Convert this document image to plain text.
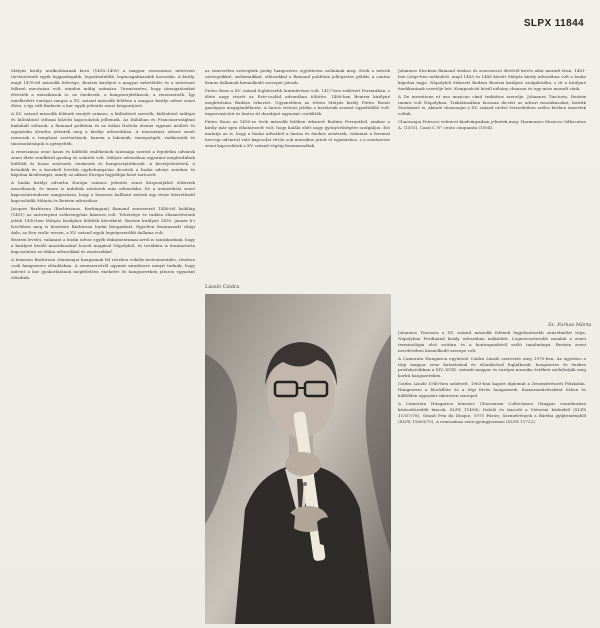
SLPX 11844

Mátyás király uralkodásának kora (1458–1490) a magyar reneszánsz művészet történetének egyik leggazdagabb, legsokszínűbb, legmozgalmasabb korszaka. A király, majd 1476-tól második felesége, Beatrix királyné a magyar művelődés és a művészet bőkezű mecénása volt, minden műfaj számára. Természetes, hogy támogatásukat élvezték a muzsikusok is: az énekesek, a hangszerjátékosok, a zeneszerzők. Így emelkedett európai rangra a XV. század második felében a magyar királyi udvar zenei élete, s így vált Budavár a kor egyik jelentős zenei központjává.

A XV. század második felének zenéjét számos, a különböző szerzők, különböző műfajai és különböző stílusai közötti kapcsolatok jellemzik. Az Itáliában és Franciaországban kialakult stílusok, a flamand polifónia és az itáliai frottola elemei egymás mellett és egymásba olvadva jelentek meg a királyi udvarokban. A reneszánsz udvari zenét nemcsak a templomi szertartások, hanem a lakomák, ünnepségek, vadászatok és táncmulatságok is igényelték.

A reneszánsz zene hazai és külföldi emlékeinek tanúsága szerint a fejedelmi udvarok zenei élete rendkívül gazdag és sokrétű volt. Mátyás udvarában egyaránt megfordultak külföldi és hazai zenészek, énekesek és hangszerjátékosok. A követjelentések, a krónikák és a korabeli levelek egybehangzóan dicsérik a budai udvari zenekar és kápolna kiválóságát, amely az akkori Európa legjobbjai közé tartozott.

A budai királyi udvarba Európa számos jelentős zenei központjából érkeztek muzsikusok, és innen is indultak zenészek más udvarokba. Ez a nemzetközi zenei kapcsolatrendszer magyarázza, hogy a lemezen hallható művek egy része közvetlenül kapcsolódik Mátyás és Beatrix udvarához.

Jacques Barbireau (Barbirianus, Barbingant) flamand zeneszerző 1448-tól haláláig (1491) az antwerpeni székesegyház kántora volt. Tehetsége és tudása elismerésének jeléül 1490-ben Mátyás királyhoz küldték követként. Beatrix királyné 1490. január 6-i levelében meg is köszönte Barbireau budai látogatását. Egyetlen fennmaradt világi dala, az Een vrolic wesen, a XV. század egyik legnépszerűbb dallama volt.

Beatrix levelei, valamint a budai udvar egyéb dokumentumai arról is tanúskodnak, hogy a királyné kiváló muzsikusokat hozott magával Nápolyból, és továbbra is fenntartotta kapcsolatait az itáliai udvarokkal és zenészekkel.

A lemezen Barbireau chansonjai hangzanak fel részben vokális-instrumentális, részben csak hangszeres előadásban. A zeneszerzőről ugyanis mindössze annyit tudunk, hogy műveit a kor gyakorlatának megfelelően énekelve és hangszereken játszva egyaránt előadták.

az ismeretlen szövegűek pedig hangszeres együttesen szólalnak meg. Ezek a művek szövegeikkel, szólamaikkal, stílusukkal a flamand polifónia jellegzetes példái, a cantus firmus dallamuk kiemelkedő szerepet játszik.

Pietro Bono a XV. század leghíresebb lantművésze volt. 1417-ben született Ferrarában, s élete nagy részét az Este-család udvarában töltötte. 1488-ban Beatrix királyné meghívására Budára érkezett. Ugyanebben az évben Mátyás király Pietro Bonót gazdagon megajándékozta. A lantos virtuóz játéka a kortársak szerint egyedülálló volt: improvizációit és lantra írt darabjait egyaránt csodálták.

Pietro Bono az 1490-es évek második felében érkezett Budára Ferrarából, amikor a király már igen elhatározott volt, hogy halála előtt nagy gyönyörűségére szolgáljon. Ezt mutatja az is, hogy a budai udvarból a lantos és énekes zenészek, valamint a ferrarai hercegi udvarral való kapcsolat révén sok muzsikus jutott el egymáshoz, s a rendszeres zenei kapcsolatok a XV. század végéig fennmaradtak.

László Czidra

Johannes Stockem flamand énekes és zeneszerző életéről kevés adat maradt fenn. 1481-ben Liège-ben működött, majd 1485 és 1486 között Mátyás király udvarában volt a budai kápolna tagja. Nápolyból érkezett Budára Beatrix királyné szolgálatába, s itt a királyné énekkarának vezetője lett. Kompozíciói közül néhány chanson és egy mise maradt ránk.

A De inventione et usu musicae című traktátus szerzője, Johannes Tinctoris, Beatrix tanára volt Nápolyban. Traktátusában hosszan dicséri az udvari muzsikusokat, köztük Stockemet is, akinek chansonjai a XV. század utolsó évtizedeiben széles körben ismertek voltak.

Chansonjai Petrucci velencei kiadványaiban jelentek meg: Harmonice Musices Odhecaton A. (1501), Canti C N° cento cinquanta (1504).

Sz. Farkas Márta

Johannes Tinctoris a XV. század második felének legjelentősebb zeneelmélet írója, Nápolyban Ferdinánd király udvarában működött. Legnevezetesebb munkái a zenei terminológia első szótára és a kontrapunktról szóló tanulmánya. Beatrix zenei nevelésében kiemelkedő szerepe volt.

A Camerata Hungarica együttest Czidra László szervezte meg 1970-ben. Az együttes a régi magyar zene kutatásával és előadásával foglalkozik: hangszeres és énekes produkcióikban a XIV–XVIII. századi magyar és európai muzsika értékeit szólaltatják meg korhű hangszereken.

Czidra László 1940-ben született. 1963-ban kapott diplomát a Zeneművészeti Főiskolán. Hangszerei a blockflöte és a régi fúvós hangszerek. Kamaraművészként itthon és külföldön egyaránt sikeresen szerepel.

A Camerata Hungarica lemezei: Chorearum Collectanea (Magyar vonatkozású kézirattöredék táncok, SLPX 11498), Daloló és táncoló a Vietoriai kódexből (SLPX 11557/78), Grand Prix du Disque, 1975 Párizs; Szemelvények a Bártfai gyűjteményből (SLPX 11669/70), A reneszánsz zene gyöngyszemei (SLPX 11722).
